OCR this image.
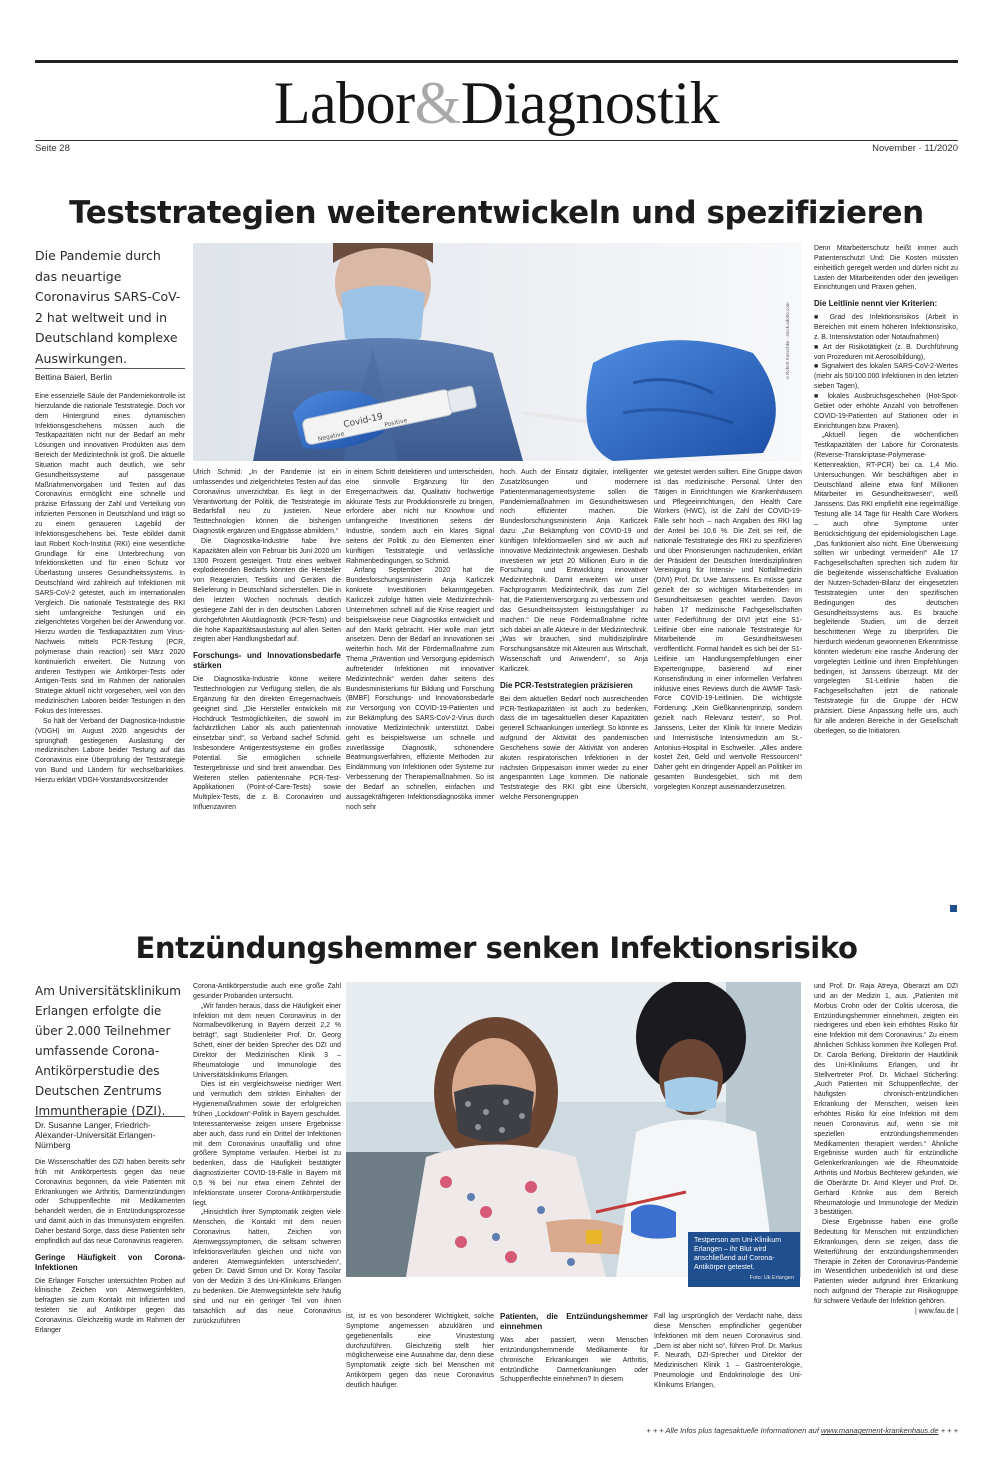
Labor&Diagnostik
Seite 28	November · 11/2020
Teststrategien weiterentwickeln und spezifizieren
Die Pandemie durch das neuartige Coronavirus SARS-CoV-2 hat weltweit und in Deutschland komplexe Auswirkungen.
Bettina Baierl, Berlin
Covid-19
Negative
Positive
©Robert Kneschke - stock.adobe.com

Eine essenzielle Säule der Pandemiekontrolle ist hierzulande die nationale Teststrategie. Doch vor dem Hintergrund eines dynamischen Infektionsgeschehens müssen auch die Testkapazitäten nicht nur der Bedarf an mehr Lösungen und innovativen Produkten aus dem Bereich der Medizintechnik ist groß. Die aktuelle Situation macht auch deutlich, wie sehr Gesundheitssysteme auf passgenaue Maßnahmenvorgaben und Testen auf das Coronavirus ermöglicht eine schnelle und präzise Erfassung der Zahl und Verteilung von infizierten Personen in Deutschland und trägt so zu einem genaueren Lagebild der Infektionsgeschehens bei. Teste ebildet damit laut Robert Koch-Institut (RKI) eine wesentliche Grundlage für eine Unterbrechung von Infektionsketten und für einen Schutz vor Überlastung unseres Gesundheitssystems. In Deutschland wird zahlreich auf Infektionen mit SARS-CoV-2 getestet, auch im internationalen Vergleich. Die nationale Teststrategie des RKI sieht umfangreiche Testungen und ein zielgerichtetes Vorgehen bei der Anwendung vor. Hierzu wurden die Testkapazitäten zum Virus-Nachweis mittels PCR-Testung (PCR, polymerase chain reaction) seit März 2020 kontinuierlich erweitert. Die Nutzung von anderen Testtypen wie Antikörper-Tests oder Antigen-Tests sind im Rahmen der nationalen Strategie aktuell nicht vorgesehen, weil von den medizinischen Laboren beider Testungen in den Fokus des Interesses.

So hält der Verband der Diagnostica-Industrie (VDGH) im August 2020 angesichts der sprunghaft gestiegenen Auslastung der medizinischen Labore beider Testung auf das Coronavirus eine Überprüfung der Teststrategie von Bund und Ländern für wechselbarktikes. Hierzu erklärt VDGH-Vorstandsvorsitzender

Ulrich Schmid: „In der Pandemie ist ein umfassendes und zielgerichtetes Testen auf das Coronavirus unverzichtbar. Es liegt in der Verantwortung der Politik, die Teststrategie im Bedarfsfall neu zu justieren. Neue Testtechnologien können die bisherigen Diagnostik ergänzen und Engpässe abmildern.“

Die Diagnostika-Industrie habe ihre Kapazitäten allein von Februar bis Juni 2020 um 1300 Prozent gesteigert. Trotz eines weltweit explodierenden Bedarfs könnten die Hersteller von Reagenzien, Testkits und Geräten die Belieferung in Deutschland sicherstellen. Die in den letzten Wochen nochmals deutlich gestiegene Zahl der in den deutschen Laboren durchgeführten Akutdiagnostik (PCR-Tests) und die hohe Kapazitätsauslastung auf allen Seiten zeigten aber Handlungsbedarf auf.

Forschungs- und Innovationsbedarfe stärken

Die Diagnostika-Industrie könne weitere Testtechnologien zur Verfügung stellen, die als Ergänzung für den direkten Erregernachweis geeignet sind. „Die Hersteller entwickeln mit Hochdruck Testmöglichkeiten, die sowohl im fachärztlichen Labor als auch patientennah einsetzbar sind“, so Verband sachef Schmid. Insbesondere Antigentestsysteme ein großes Potential. Sie ermöglichen schnelle Testergebnisse und sind breit anwendbar. Des Weiteren stellen patientennahe PCR-Test-Applikationen (Point-of-Care-Tests) sowie Multiplex-Tests, die z. B. Coronaviren und Influenzaviren

in einem Schritt detektieren und unterscheiden, eine sinnvolle Ergänzung für den Erregernachweis dar. Qualitativ hochwertige akkurate Tests zur Produktionsreife zu bringen, erfordere aber nicht nur Knowhow und umfangreiche Investitionen seitens der Industrie, sondern auch ein klares Signal seitens der Politik zu den Elementen einer künftigen Teststrategie und verlässliche Rahmenbedingungen, so Schmid.

Anfang September 2020 hat die Bundesforschungsministerin Anja Karliczek konkrete Investitionen bekanntgegeben. Karliczek zufolge hätten viele Medizintechnik-Unternehmen schnell auf die Krise reagiert und beispielsweise neue Diagnostika entwickelt und auf den Markt gebracht. Hier wolle man jetzt ansetzen. Denn der Bedarf an Innovationen sei weiterhin hoch. Mit der Fördermaßnahme zum Thema „Prävention und Versorgung epidemisch auftretender Infektionen mit innovativer Medizintechnik“ werden daher seitens des Bundesministeriums für Bildung und Forschung (BMBF) Forschungs- und Innovationsbedarfe zur Versorgung von COVID-19-Patienten und zur Bekämpfung des SARS-CoV-2-Virus durch innovative Medizintechnik unterstützt. Dabei geht es beispielsweise um schnelle und zuverlässige Diagnostik, schonendere Beatmungsverfahren, effiziente Methoden zur Eindämmung von Infektionen oder Systeme zur Verbesserung der Therapiemaßnahmen. So ist der Bedarf an schnellen, einfachen und aussagekräftigeren Infektionsdiagnostika immer noch sehr

hoch. Auch der Einsatz digitaler, intelligenter Zusatzlösungen und modernere Patientenmanagementsysteme sollen die Pandemiemaßnahmen im Gesundheitswesen noch effizienter machen. Die Bundesforschungsministerin Anja Karliczek dazu: „Zur Bekämpfung von COVID-19 und künftigen Infektionswellen sind wir auch auf innovative Medizintechnik angewiesen. Deshalb investieren wir jetzt 20 Millionen Euro in die Forschung und Entwicklung innovativer Medizintechnik. Damit erweitern wir unser Fachprogramm Medizintechnik, das zum Ziel hat, die Patientenversorgung zu verbessern und das Gesundheitssystem leistungsfähiger zu machen.“ Die neue Fördermaßnahme richte sich dabei an alle Akteure in der Medizintechnik. „Was wir brauchen, sind multidisziplinäre Forschungsansätze mit Akteuren aus Wirtschaft, Wissenschaft und Anwendern“, so Anja Karliczek.

Die PCR-Teststrategien präzisieren

Bei dem aktuellen Bedarf noch ausreichenden PCR-Testkapazitäten ist auch zu bedenken, dass die im tagesaktuellen dieser Kapazitäten generell Schwankungen unterliegt. So könnte es aufgrund der Aktivität des pandemischen Geschehens sowie der Aktivität von anderen akuten respiratorischen Infektionen in der nächsten Grippesaison immer wieder zu einer angespannten Lage kommen. Die nationale Teststrategie des RKI gibt eine Übersicht, welche Personengruppen

wie getestet werden sollten. Eine Gruppe davon ist das medizinische Personal. Unter den Tätigen in Einrichtungen wie Krankenhäusern und Pflegeeinrichtungen, den Health Care Workers (HWC), ist die Zahl der COVID-19-Fälle sehr hoch – nach Angaben des RKI lag der Anteil bei 10,6 %. Die Zeit sei reif, die nationale Teststrategie des RKI zu spezifizieren und über Priorisierungen nachzudenken, erklärt der Präsident der Deutschen Interdisziplinären Vereinigung für Intensiv- und Notfallmedizin (DIVI) Prof. Dr. Uwe Janssens. Es müsse ganz gezielt der so wichtigen Mitarbeitenden im Gesundheitswesen geachtet werden. Davon haben 17 medizinische Fachgesellschaften unter Federführung der DIVI jetzt eine S1-Leitlinie über eine nationale Teststrategie für Mitarbeitende im Gesundheitswesen veröffentlicht. Formal handelt es sich bei der S1-Leitlinie um Handlungsempfehlungen einer Expertengruppe, basierend auf einer Konsensfindung in einer informellen Verfahren inklusive eines Reviews durch die AWMF Task-Force COVID-19-Leitlinien. Die wichtigste Forderung: „Kein Gießkannenprinzip, sondern gezielt nach Relevanz testen“, so Prof. Janssens, Leiter der Klinik für Innere Medizin und Internistische Intensivmedizin am St.-Antonius-Hospital in Eschweiler. „Alles andere kostet Zeit, Geld und wertvolle Ressourcen!“ Daher geht ein dringender Appell an Politiker im gesamten Bundesgebiet, sich mit dem vorgelegten Konzept auseinanderzusetzen.

Denn Mitarbeiterschutz heißt immer auch Patientenschutz! Und: Die Kosten müssten einheitlich geregelt werden und dürfen nicht zu Lasten der Mitarbeitenden oder den jeweiligen Einrichtungen und Praxen gehen.

Die Leitlinie nennt vier Kriterien:

■ Grad des Infektionsrisikos (Arbeit in Bereichen mit einem höheren Infektionsrisiko, z. B. Intensivstation oder Notaufnahmen)

■ Art der Risikotätigkeit (z. B. Durchführung von Prozeduren mit Aerosolbildung),

■ Signalwert des lokalen SARS-CoV-2-Wertes (mehr als 50/100.000 Infektionen in den letzten sieben Tagen),

■ lokales Ausbruchsgeschehen (Hot-Spot-Gebiet oder erhöhte Anzahl von betroffenen COVID-19-Patienten auf Stationen oder in Einrichtungen bzw. Praxen).

„Aktuell liegen die wöchentlichen Testkapazitäten der Labore für Coronatests (Reverse-Transkriptase-Polymerase-Kettenreaktion, RT-PCR) bei ca. 1,4 Mio. Untersuchungen. Wir beschäftigen aber in Deutschland alleine etwa fünf Millionen Mitarbeiter im Gesundheitswesen“, weiß Janssens. Das RKI empfiehlt eine regelmäßige Testung alle 14 Tage für Health Care Workers – auch ohne Symptome unter Berücksichtigung der epidemiologischen Lage. „Das funktioniert also nicht. Eine Überweisung sollten wir unbedingt vermeiden!“ Alle 17 Fachgesellschaften sprechen sich zudem für die begleitende wissenschaftliche Evaluation der Nutzen-Schaden-Bilanz der eingesetzten Teststrategien unter den spezifischen Bedingungen des deutschen Gesundheitssystems aus. Es brauche begleitende Studien, um die derzeit beschrittenen Wege zu überprüfen. Die hierdurch wiederum gewonnenen Erkenntnisse könnten wiederum eine rasche Änderung der vorgelegten Leitlinie und ihren Empfehlungen bedingen, ist Janssens überzeugt. Mit der vorgelegten S1-Leitlinie haben die Fachgesellschaften jetzt die nationale Teststrategie für die Gruppe der HCW präzisiert. Diese Anpassung helfe uns, auch für alle anderen Bereiche in der Gesellschaft überlegen, so die Initiatoren.

Entzündungshemmer senken Infektionsrisiko
Am Universitätsklinikum Erlangen erfolgte die über 2.000 Teilnehmer umfassende Corona-Antikörperstudie des Deutschen Zentrums Immuntherapie (DZI).
Dr. Susanne Langer, Friedrich-Alexander-Universität Erlangen-Nürnberg
Testperson am Uni-Klinikum Erlangen – ihr Blut wird anschließend auf Corona-Antikörper getestet.
Foto: Uk Erlangen

Die Wissenschaftler des DZI haben bereits sehr früh mit Antikörpertests gegen das neue Coronavirus begonnen, da viele Patienten mit Erkrankungen wie Arthritis, Darmentzündungen oder Schuppenflechte mit Medikamenten behandelt werden, die in Entzündungsprozesse und damit auch in das Immunsystem eingreifen. Daher bestand Sorge, dass diese Patienten sehr empfindlich auf das neue Coronavirus reagieren.

Geringe Häufigkeit von Corona-Infektionen

Die Erlanger Forscher untersuchten Proben auf klinische Zeichen von Atemwegsinfekten, befragten sie zum Kontakt mit Infizierten und testeten sie auf Antikörper gegen das Coronavirus. Gleichzeitig wurde im Rahmen der Erlanger

Corona-Antikörperstudie auch eine große Zahl gesunder Probanden untersucht.

„Wir fanden heraus, dass die Häufigkeit einer Infektion mit dem neuen Coronavirus in der Normalbevölkerung in Bayern derzeit 2,2 % beträgt“, sagt Studienleiter Prof. Dr. Georg Schett, einer der beiden Sprecher des DZI und Direktor der Medizinischen Klinik 3 – Rheumatologie und Immunologie des Universitätsklinikums Erlangen.

Dies ist ein vergleichsweise niedriger Wert und vermutlich dem strikten Einhalten der Hygienemaßnahmen sowie der erfolgreichen frühen „Lockdown“-Politik in Bayern geschuldet. Interessanterweise zeigen unsere Ergebnisse aber auch, dass rund ein Drittel der Infektionen mit dem Coronavirus unauffällig und ohne größere Symptome verlaufen. Hierbei ist zu bedenken, dass die Häufigkeit bestätigter diagnostizierter COVID-19-Fälle in Bayern mit 0,5 % bei nur etwa einem Zehntel der Infektionsrate unserer Corona-Antikörperstudie liegt.

„Hinsichtlich ihrer Symptomatik zeigten viele Menschen, die Kontakt mit dem neuen Coronavirus hatten, Zeichen von Atemwegssymptomen, die seltsam schweren Infektionsverläufen gleichen und nicht von anderen Atemwegsinfekten unterschieden“, geben Dr. David Simon und Dr. Koray Tascilar von der Medizin 3 des Uni-Klinikums Erlangen zu bedenken. Die Atemwegsinfekte sehr häufig sind und nur ein geringer Teil von ihnen tatsächlich auf das neue Coronavirus zurückzuführen

ist, ist es von besonderer Wichtigkeit, solche Symptome angemessen abzuklären und gegebenenfalls eine Virustestung durchzuführen. Gleichzeitig stellt hier möglicherweise eine Ausnahme dar, denn diese Symptomatik zeigte sich bei Menschen mit Antikörpern gegen das neue Coronavirus deutlich häufiger.

Patienten, die Entzündungshemmer einnehmen

Was aber passiert, wenn Menschen entzündungshemmende Medikamente für chronische Erkrankungen wie Arthritis, entzündliche Darmerkrankungen oder Schuppenflechte einnehmen? In diesem

Fall lag ursprünglich der Verdacht nahe, dass diese Menschen empfindlicher gegenüber Infektionen mit dem neuen Coronavirus sind. „Dem ist aber nicht so“, führen Prof. Dr. Markus F. Neurath, DZI-Sprecher und Direktor der Medizinischen Klinik 1 – Gastroenterologie, Pneumologie und Endokrinologie des Uni-Klinikums Erlangen,

und Prof. Dr. Raja Atreya, Oberarzt am DZI und an der Medizin 1, aus. „Patienten mit Morbus Crohn oder der Colitis ulcerosa, die Entzündungshemmer einnehmen, zeigten ein niedrigeres und eben kein erhöhtes Risiko für eine Infektion mit dem Coronavirus.“ Zu einem ähnlichen Schluss kommen ihre Kollegen Prof. Dr. Carola Berking, Direktorin der Hautklinik des Uni-Klinikums Erlangen, und ihr Stellvertreter Prof. Dr. Michael Sticherling: „Auch Patienten mit Schuppenflechte, der häufigsten chronisch-entzündlichen Erkrankung der Menschen, weisen kein erhöhtes Risiko für eine Infektion mit dem neuen Coronavirus auf, wenn sie mit speziellen entzündungshemmenden Medikamenten therapiert werden.“ Ähnliche Ergebnisse wurden auch für entzündliche Gelenkerkrankungen wie die Rheumatoide Arthritis und Morbus Bechterew gefunden, wie die Oberärzte Dr. Arnd Kleyer und Prof. Dr. Gerhard Krönke aus dem Bereich Rheumatologie und Immunologie der Medizin 3 bestätigen.

Diese Ergebnisse haben eine große Bedeutung für Menschen mit entzündlichen Erkrankungen, denn sie zeigen, dass die Weiterführung der entzündungshemmenden Therapie in Zeiten der Coronavirus-Pandemie im Wesentlichen unbedenklich ist und diese Patienten wieder aufgrund ihrer Erkrankung noch aufgrund der Therapie zur Risikogruppe für schwere Verläufe der Infektion gehören.

| www.fau.de |

+ + + Alle Infos plus tagesaktuelle Informationen auf www.management-krankenhaus.de + + +
